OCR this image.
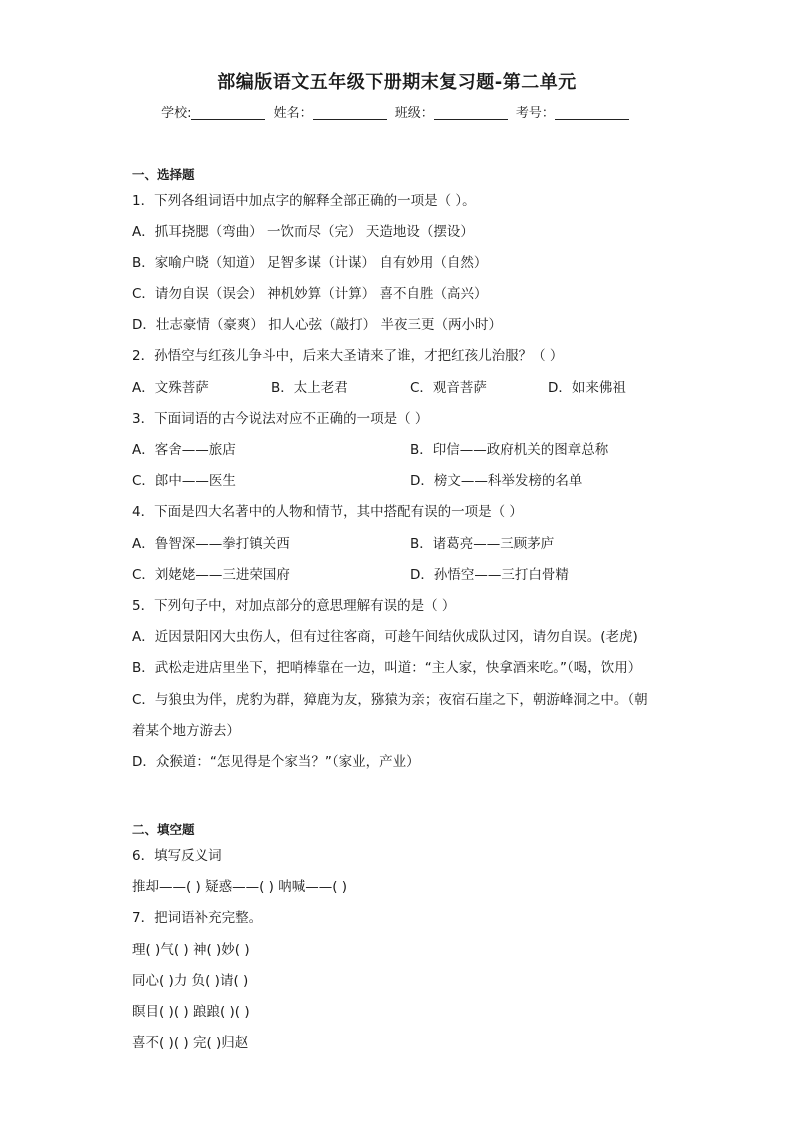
部编版语文五年级下册期末复习题-第二单元
学校:	姓名：	班级：	考号：
一、选择题
1．下列各组词语中加点字的解释全部正确的一项是（ ）。
A．抓耳挠腮（弯曲） 一饮而尽（完） 天造地设（摆设）
B．家喻户晓（知道） 足智多谋（计谋） 自有妙用（自然）
C．请勿自误（误会） 神机妙算（计算） 喜不自胜（高兴）
D．壮志豪情（豪爽） 扣人心弦（敲打） 半夜三更（两小时）
2．孙悟空与红孩儿争斗中，后来大圣请来了谁，才把红孩儿治服？（ ）
A．文殊菩萨	B．太上老君	C．观音菩萨	D．如来佛祖
3．下面词语的古今说法对应不正确的一项是（ ）
A．客舍——旅店	B．印信——政府机关的图章总称
C．郎中——医生	D．榜文——科举发榜的名单
4．下面是四大名著中的人物和情节，其中搭配有误的一项是（ ）
A．鲁智深——拳打镇关西	B．诸葛亮——三顾茅庐
C．刘姥姥——三进荣国府	D．孙悟空——三打白骨精
5．下列句子中，对加点部分的意思理解有误的是（ ）
A．近因景阳冈大虫伤人，但有过往客商，可趁午间结伙成队过冈，请勿自误。(老虎)
B．武松走进店里坐下，把哨棒靠在一边，叫道：“主人家，快拿酒来吃。”（喝，饮用）
C．与狼虫为伴，虎豹为群，獐鹿为友，猕猿为亲；夜宿石崖之下，朝游峰洞之中。（朝
着某个地方游去）
D．众猴道：“怎见得是个家当？”（家业，产业）
二、填空题
6．填写反义词
推却——( ) 疑惑——( ) 呐喊——( )
7．把词语补充完整。
理( )气( ) 神( )妙( )
同心( )力 负( )请( )
瞑目( )( ) 踉踉( )( )
喜不( )( ) 完( )归赵
